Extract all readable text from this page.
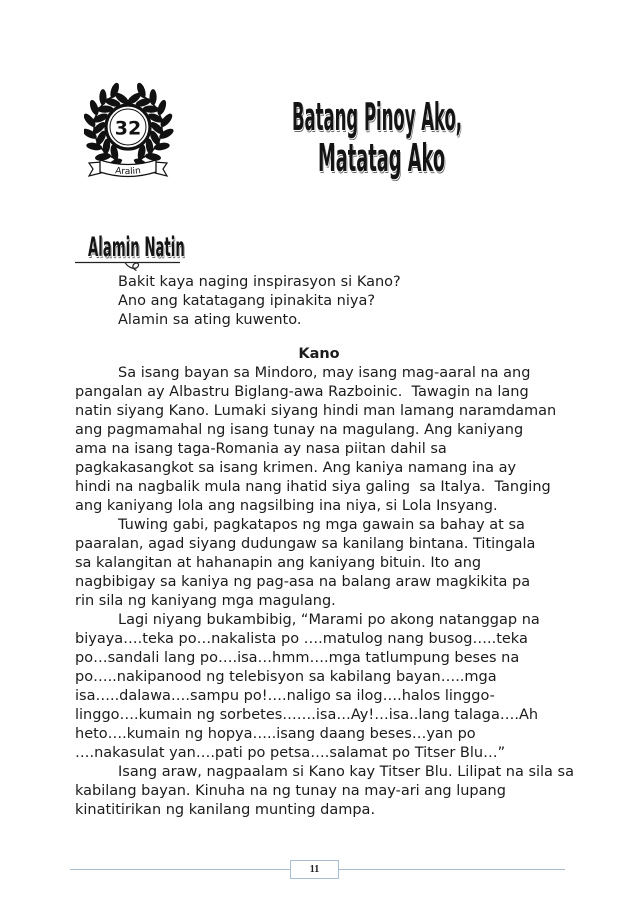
32
Aralin
Batang Pinoy Ako,
Matatag Ako
Alamin Natin
Bakit kaya naging inspirasyon si Kano?
Ano ang katatagang ipinakita niya?
Alamin sa ating kuwento.
Kano
Sa isang bayan sa Mindoro, may isang mag-aaral na ang
pangalan ay Albastru Biglang-awa Razboinic.  Tawagin na lang
natin siyang Kano. Lumaki siyang hindi man lamang naramdaman
ang pagmamahal ng isang tunay na magulang. Ang kaniyang
ama na isang taga-Romania ay nasa piitan dahil sa
pagkakasangkot sa isang krimen. Ang kaniya namang ina ay
hindi na nagbalik mula nang ihatid siya galing  sa Italya.  Tanging
ang kaniyang lola ang nagsilbing ina niya, si Lola Insyang.
Tuwing gabi, pagkatapos ng mga gawain sa bahay at sa
paaralan, agad siyang dudungaw sa kanilang bintana. Titingala
sa kalangitan at hahanapin ang kaniyang bituin. Ito ang
nagbibigay sa kaniya ng pag-asa na balang araw magkikita pa
rin sila ng kaniyang mga magulang.
Lagi niyang bukambibig, “Marami po akong natanggap na
biyaya….teka po…nakalista po ….matulog nang busog…..teka
po…sandali lang po….isa…hmm….mga tatlumpung beses na
po…..nakipanood ng telebisyon sa kabilang bayan…..mga
isa…..dalawa….sampu po!….naligo sa ilog….halos linggo-
linggo….kumain ng sorbetes…….isa…Ay!…isa..lang talaga….Ah
heto….kumain ng hopya…..isang daang beses…yan po
….nakasulat yan….pati po petsa….salamat po Titser Blu…”
Isang araw, nagpaalam si Kano kay Titser Blu. Lilipat na sila sa
kabilang bayan. Kinuha na ng tunay na may-ari ang lupang
kinatitirikan ng kanilang munting dampa.
11
